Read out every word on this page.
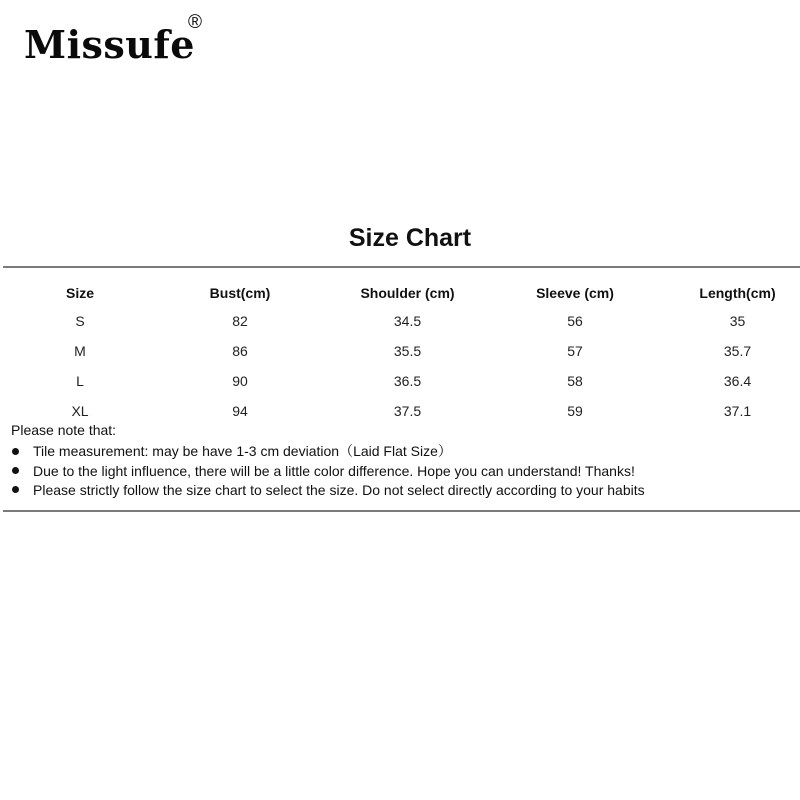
Missufe
®
Size Chart
Size	Bust(cm)	Shoulder (cm)	Sleeve (cm)	Length(cm)
S	82	34.5	56	35
M	86	35.5	57	35.7
L	90	36.5	58	36.4
XL	94	37.5	59	37.1
Please note that:
Tile measurement: may be have 1-3 cm deviation（Laid Flat Size）
Due to the light influence, there will be a little color difference. Hope you can understand! Thanks!
Please strictly follow the size chart to select the size. Do not select directly according to your habits
